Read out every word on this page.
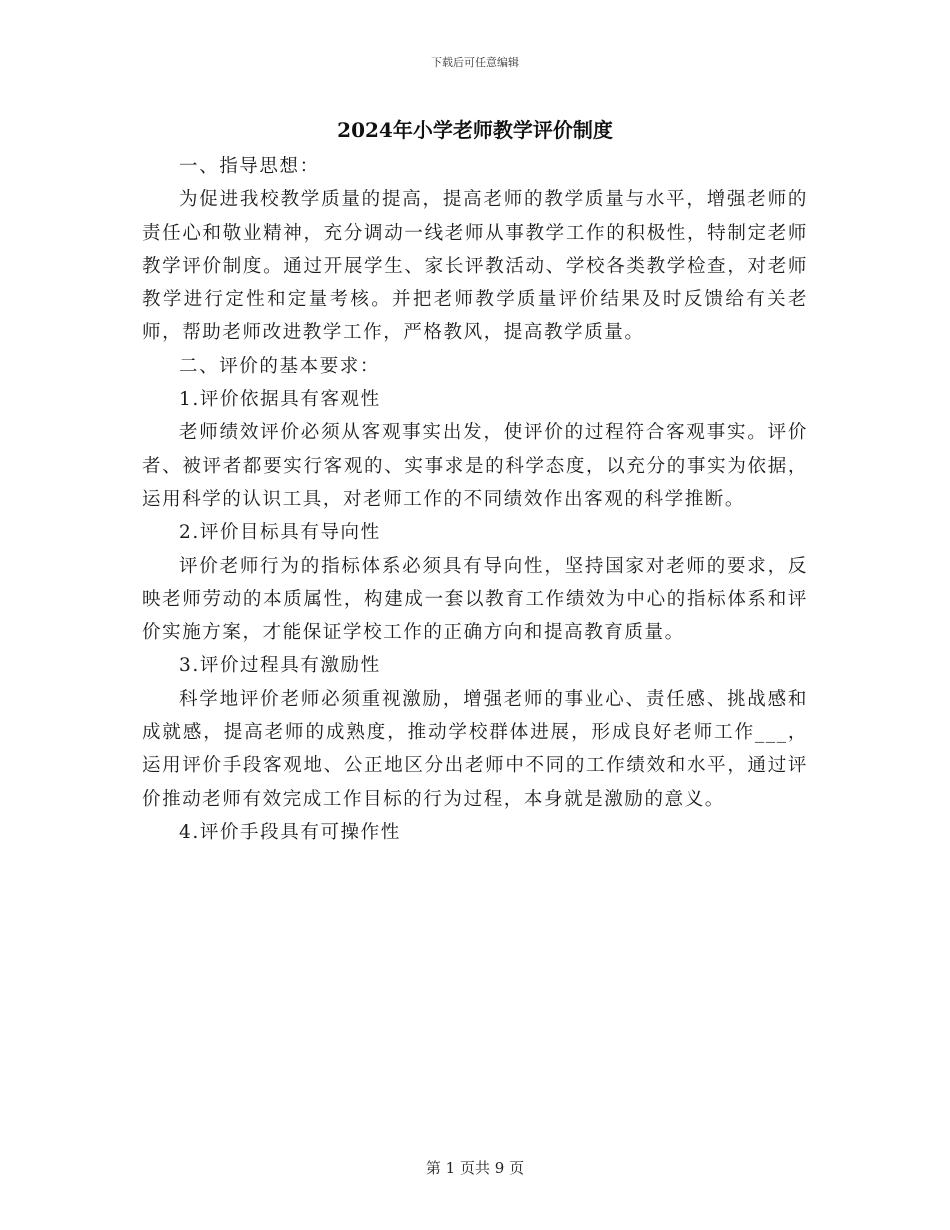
下载后可任意编辑
2024年小学老师教学评价制度

一、指导思想：

为促进我校教学质量的提高，提高老师的教学质量与水平，增强老师的责任心和敬业精神，充分调动一线老师从事教学工作的积极性，特制定老师教学评价制度。通过开展学生、家长评教活动、学校各类教学检查，对老师教学进行定性和定量考核。并把老师教学质量评价结果及时反馈给有关老师，帮助老师改进教学工作，严格教风，提高教学质量。

二、评价的基本要求：

1.评价依据具有客观性

老师绩效评价必须从客观事实出发，使评价的过程符合客观事实。评价者、被评者都要实行客观的、实事求是的科学态度，以充分的事实为依据，运用科学的认识工具，对老师工作的不同绩效作出客观的科学推断。

2.评价目标具有导向性

评价老师行为的指标体系必须具有导向性，坚持国家对老师的要求，反映老师劳动的本质属性，构建成一套以教育工作绩效为中心的指标体系和评价实施方案，才能保证学校工作的正确方向和提高教育质量。

3.评价过程具有激励性

科学地评价老师必须重视激励，增强老师的事业心、责任感、挑战感和成就感，提高老师的成熟度，推动学校群体进展，形成良好老师工作___，运用评价手段客观地、公正地区分出老师中不同的工作绩效和水平，通过评价推动老师有效完成工作目标的行为过程，本身就是激励的意义。

4.评价手段具有可操作性

第 1 页共 9 页
